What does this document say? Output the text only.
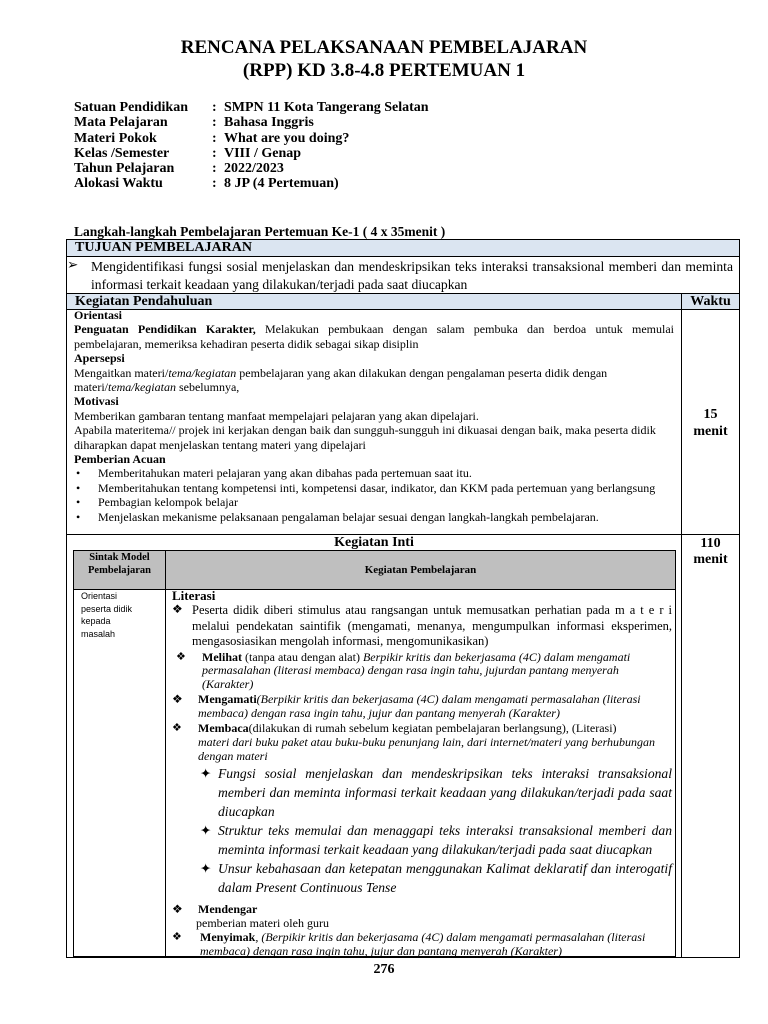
RENCANA PELAKSANAAN PEMBELAJARAN
(RPP) KD 3.8-4.8 PERTEMUAN 1
Satuan Pendidikan	: SMPN 11 Kota Tangerang Selatan
Mata Pelajaran	: Bahasa Inggris
Materi Pokok	: What are you doing?
Kelas /Semester	: VIII / Genap
Tahun Pelajaran	: 2022/2023
Alokasi Waktu	: 8 JP (4 Pertemuan)
Langkah-langkah Pembelajaran Pertemuan Ke-1 ( 4 x 35menit )
TUJUAN PEMBELAJARAN
➢ Mengidentifikasi fungsi sosial menjelaskan dan mendeskripsikan teks interaksi transaksional memberi dan meminta informasi terkait keadaan yang dilakukan/terjadi pada saat diucapkan
Kegiatan Pendahuluan	Waktu
15
menit
Orientasi
Penguatan Pendidikan Karakter, Melakukan pembukaan dengan salam pembuka dan berdoa untuk memulai pembelajaran, memeriksa kehadiran peserta didik sebagai sikap disiplin
Apersepsi
Mengaitkan materi/tema/kegiatan pembelajaran yang akan dilakukan dengan pengalaman peserta didik dengan materi/tema/kegiatan sebelumnya,
Motivasi
Memberikan gambaran tentang manfaat mempelajari pelajaran yang akan dipelajari.
Apabila materitema// projek ini kerjakan dengan baik dan sungguh-sungguh ini dikuasai dengan baik, maka peserta didik diharapkan dapat menjelaskan tentang materi yang dipelajari
Pemberian Acuan
• Memberitahukan materi pelajaran yang akan dibahas pada pertemuan saat itu.
• Memberitahukan tentang kompetensi inti, kompetensi dasar, indikator, dan KKM pada pertemuan yang berlangsung
• Pembagian kelompok belajar
• Menjelaskan mekanisme pelaksanaan pengalaman belajar sesuai dengan langkah-langkah pembelajaran.
Kegiatan Inti	110
menit
Sintak Model Pembelajaran	Kegiatan Pembelajaran
Orientasi peserta didik kepada masalah
Literasi
❖ Peserta didik diberi stimulus atau rangsangan untuk memusatkan perhatian pada m a t e r i melalui pendekatan saintifik (mengamati, menanya, mengumpulkan informasi eksperimen, mengasosiasikan mengolah informasi, mengomunikasikan)
❖	Melihat (tanpa atau dengan alat) Berpikir kritis dan bekerjasama (4C) dalam mengamati permasalahan (literasi membaca) dengan rasa ingin tahu, jujurdan pantang menyerah (Karakter)
❖	Mengamati(Berpikir kritis dan bekerjasama (4C) dalam mengamati permasalahan (literasi membaca) dengan rasa ingin tahu, jujur dan pantang menyerah (Karakter)
❖	Membaca(dilakukan di rumah sebelum kegiatan pembelajaran berlangsung), (Literasi)
materi dari buku paket atau buku-buku penunjang lain, dari internet/materi yang berhubungan dengan materi
✦ Fungsi sosial menjelaskan dan mendeskripsikan teks interaksi transaksional memberi dan meminta informasi terkait keadaan yang dilakukan/terjadi pada saat diucapkan
✦ Struktur teks memulai dan menaggapi teks interaksi transaksional memberi dan meminta informasi terkait keadaan yang dilakukan/terjadi pada saat diucapkan
✦ Unsur kebahasaan dan ketepatan menggunakan Kalimat deklaratif dan interogatif dalam Present Continuous Tense
❖	Mendengar
pemberian materi oleh guru
❖	Menyimak, (Berpikir kritis dan bekerjasama (4C) dalam mengamati permasalahan (literasi membaca) dengan rasa ingin tahu, jujur dan pantang menyerah (Karakter)
276
